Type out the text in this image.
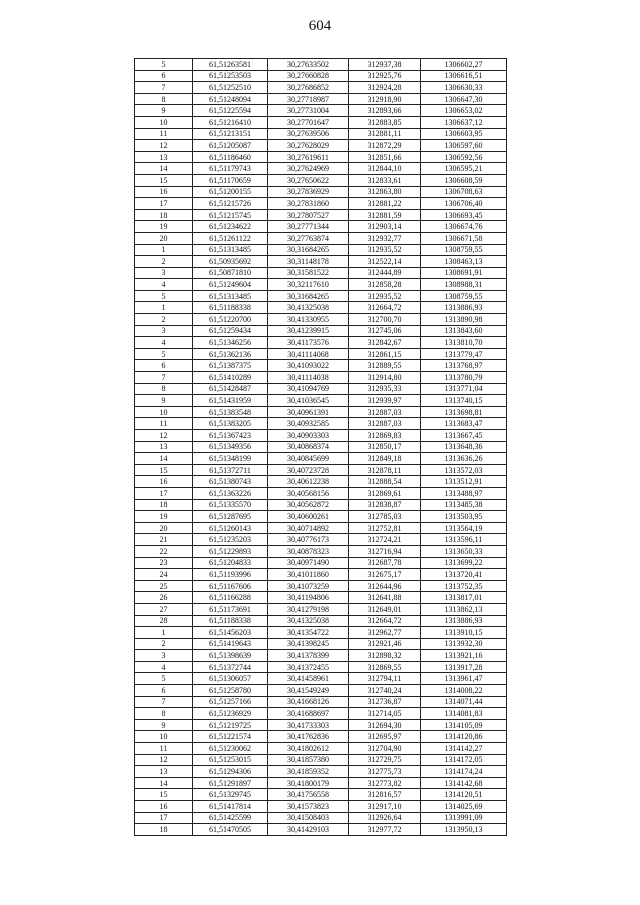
604
5	61,51263581	30,27633502	312937,38	1306602,27
6	61,51253503	30,27660828	312925,76	1306616,51
7	61,51252510	30,27686852	312924,28	1306630,33
8	61,51248094	30,27718987	312918,90	1306647,30
9	61,51225594	30,27731004	312893,66	1306653,02
10	61,51216410	30,27701647	312883,85	1306637,12
11	61,51213151	30,27639506	312881,11	1306603,95
12	61,51205087	30,27628029	312872,29	1306597,60
13	61,51186460	30,27619611	312851,66	1306592,56
14	61,51179743	30,27624969	312844,10	1306595,21
15	61,51170659	30,27650622	312833,61	1306608,59
16	61,51200155	30,27836929	312863,80	1306708,63
17	61,51215726	30,27831860	312881,22	1306706,40
18	61,51215745	30,27807527	312881,59	1306693,45
19	61,51234622	30,27771344	312903,14	1306674,76
20	61,51261122	30,27763874	312932,77	1306671,58
1	61,51313485	30,31684265	312935,52	1308759,55
2	61,50935692	30,31148178	312522,14	1308463,13
3	61,50871810	30,31581522	312444,89	1308691,91
4	61,51249604	30,32117610	312858,28	1308988,31
5	61,51313485	30,31684265	312935,52	1308759,55
1	61,51188338	30,41325038	312664,72	1313886,93
2	61,51220700	30,41330955	312700,70	1313890,98
3	61,51259434	30,41239915	312745,06	1313843,60
4	61,51346256	30,41173576	312842,67	1313810,70
5	61,51362136	30,41114068	312861,15	1313779,47
6	61,51387375	30,41093022	312889,55	1313768,97
7	61,51410289	30,41114038	312914,80	1313780,79
8	61,51428487	30,41094769	312935,33	1313771,04
9	61,51431959	30,41036545	312939,97	1313740,15
10	61,51383548	30,40961391	312887,03	1313698,81
11	61,51383205	30,40932585	312887,03	1313683,47
12	61,51367423	30,40903303	312869,83	1313667,45
13	61,51349356	30,40868374	312850,17	1313648,36
14	61,51348199	30,40845699	312849,18	1313636,26
15	61,51372711	30,40723728	312878,11	1313572,03
16	61,51380743	30,40612238	312888,54	1313512,91
17	61,51363226	30,40568156	312869,61	1313488,97
18	61,51335570	30,40562872	312838,87	1313485,38
19	61,51287695	30,40600261	312785,03	1313503,95
20	61,51260143	30,40714892	312752,81	1313564,19
21	61,51235203	30,40776173	312724,21	1313596,11
22	61,51229893	30,40878323	312716,94	1313650,33
23	61,51204833	30,40971490	312687,78	1313699,22
24	61,51193996	30,41011860	312675,17	1313720,41
25	61,51167606	30,41073259	312644,96	1313752,35
26	61,51166288	30,41194806	312641,88	1313817,01
27	61,51173691	30,41279198	312649,01	1313862,13
28	61,51188338	30,41325038	312664,72	1313886,93
1	61,51456203	30,41354722	312962,77	1313910,15
2	61,51419643	30,41398245	312921,46	1313932,30
3	61,51398639	30,41378399	312898,32	1313921,16
4	61,51372744	30,41372455	312869,55	1313917,28
5	61,51306057	30,41458961	312794,11	1313961,47
6	61,51258780	30,41549249	312740,24	1314008,22
7	61,51257166	30,41668126	312736,87	1314071,44
8	61,51236929	30,41688697	312714,05	1314081,83
9	61,51219725	30,41733303	312694,30	1314105,09
10	61,51221574	30,41762836	312695,97	1314120,86
11	61,51230062	30,41802612	312704,90	1314142,27
12	61,51253015	30,41857380	312729,75	1314172,05
13	61,51294306	30,41859352	312775,73	1314174,24
14	61,51291897	30,41800179	312773,82	1314142,68
15	61,51329745	30,41756558	312816,57	1314120,51
16	61,51417814	30,41573823	312917,10	1314025,69
17	61,51425599	30,41508403	312926,64	1313991,09
18	61,51470505	30,41429103	312977,72	1313950,13
